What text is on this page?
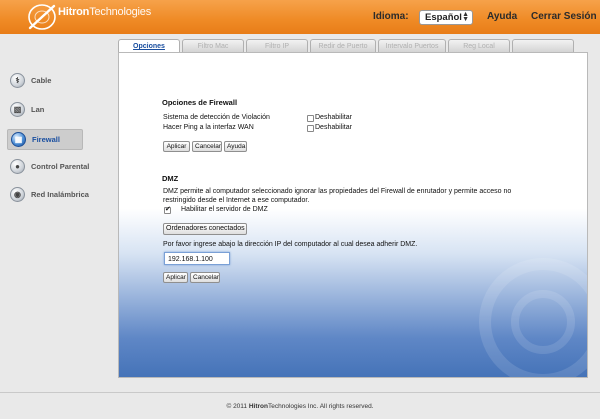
HitronTechnologies	Idioma:	Español ▲
▼ Ayuda Cerrar Sesión
⚕	Cable
▧	Lan
▦	Firewall
●	Control Parental
◉	Red Inalámbrica
Opciones	Filtro Mac	Filtro IP	Redir de Puerto	Intervalo Puertos	Reg Local
Opciones de Firewall
Sistema de detección de Violación	Deshabilitar
Hacer Ping a la interfaz WAN	Deshabilitar
Aplicar	Cancelar Ayuda
DMZ
DMZ permite al computador seleccionado ignorar las propiedades del Firewall de enrutador y permite acceso no
restringido desde el Internet a ese computador.
✔
Habilitar el servidor de DMZ
Ordenadores conectados
Por favor ingrese abajo la dirección IP del computador al cual desea adherir DMZ.
192.168.1.100
Aplicar	Cancelar
© 2011 HitronTechnologies Inc. All rights reserved.
